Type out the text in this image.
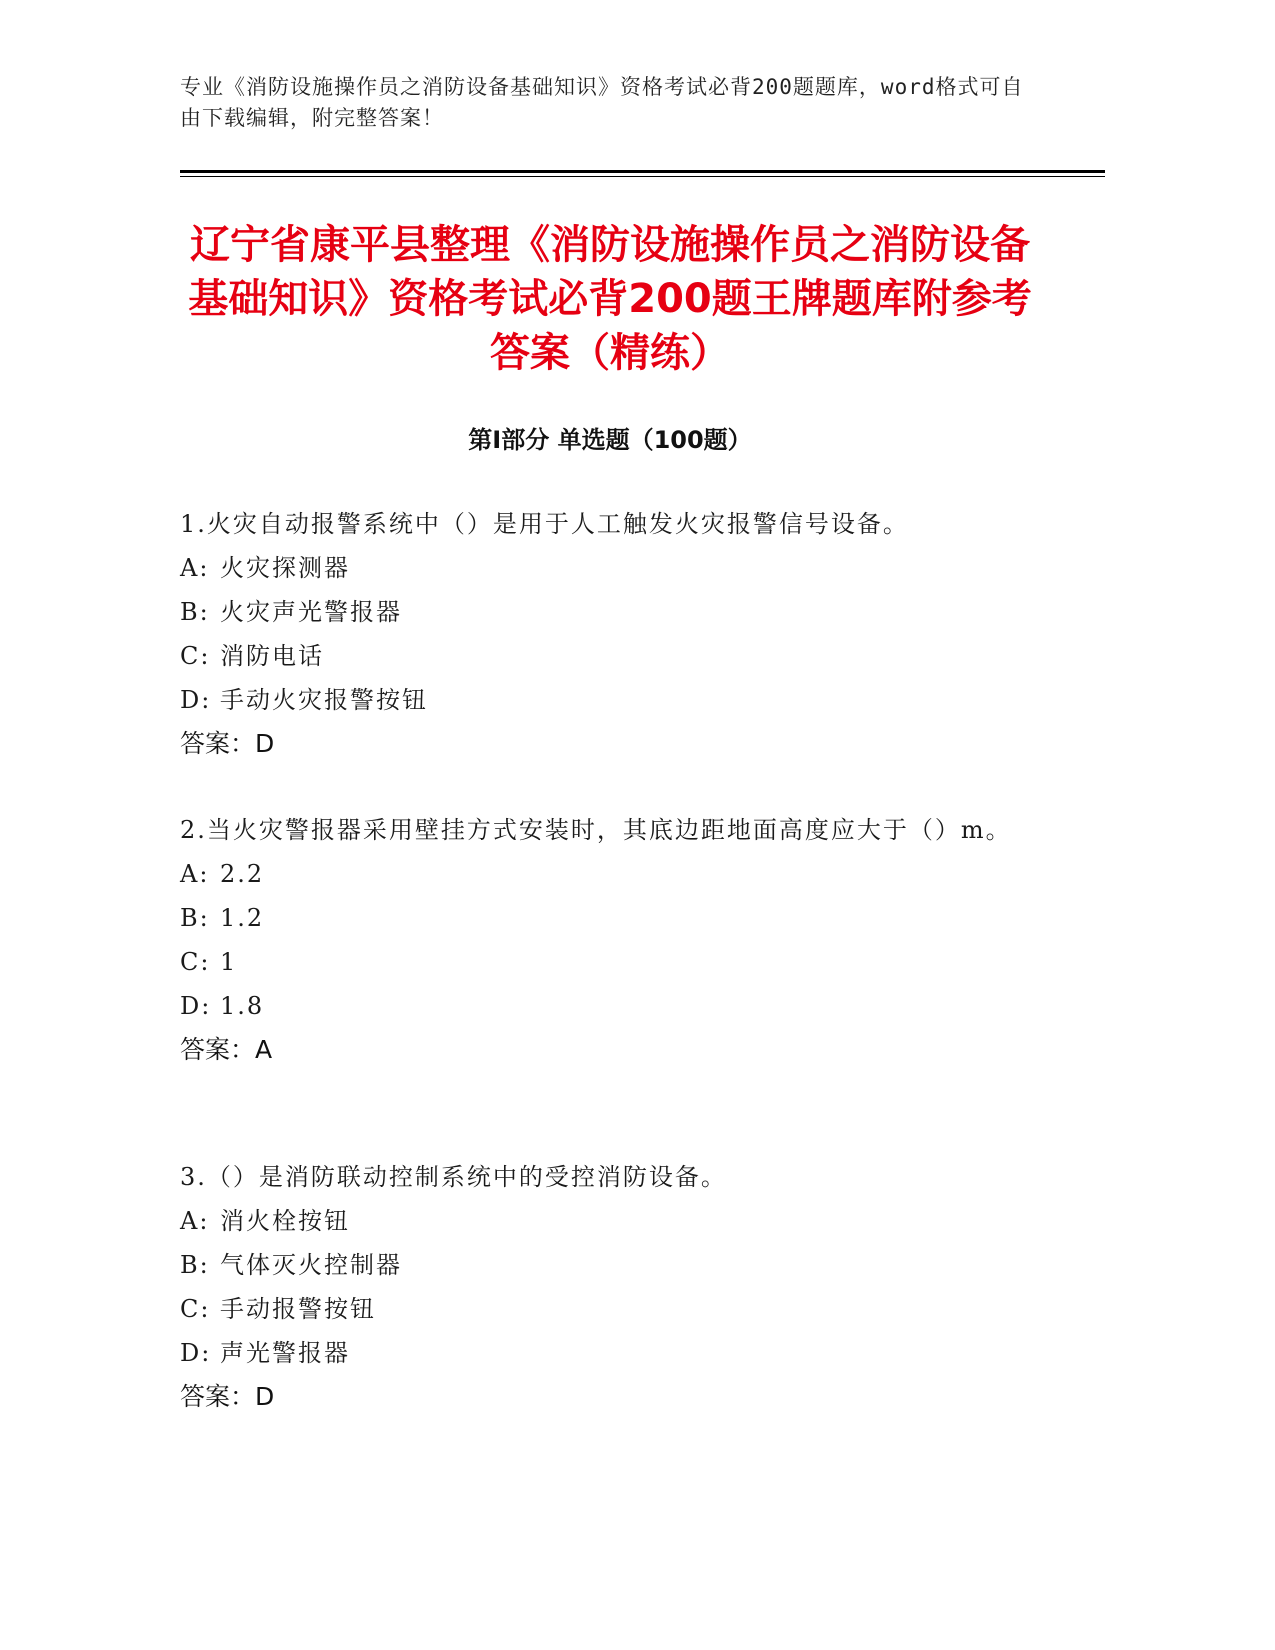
专业《消防设施操作员之消防设备基础知识》资格考试必背200题题库，word格式可自由下载编辑，附完整答案！
辽宁省康平县整理《消防设施操作员之消防设备基础知识》资格考试必背200题王牌题库附参考答案（精练）
第I部分 单选题（100题）
1.火灾自动报警系统中（）是用于人工触发火灾报警信号设备。
A: 火灾探测器
B: 火灾声光警报器
C: 消防电话
D: 手动火灾报警按钮
答案：D
2.当火灾警报器采用壁挂方式安装时，其底边距地面高度应大于（）m。
A: 2.2
B: 1.2
C: 1
D: 1.8
答案：A
3.（）是消防联动控制系统中的受控消防设备。
A: 消火栓按钮
B: 气体灭火控制器
C: 手动报警按钮
D: 声光警报器
答案：D
